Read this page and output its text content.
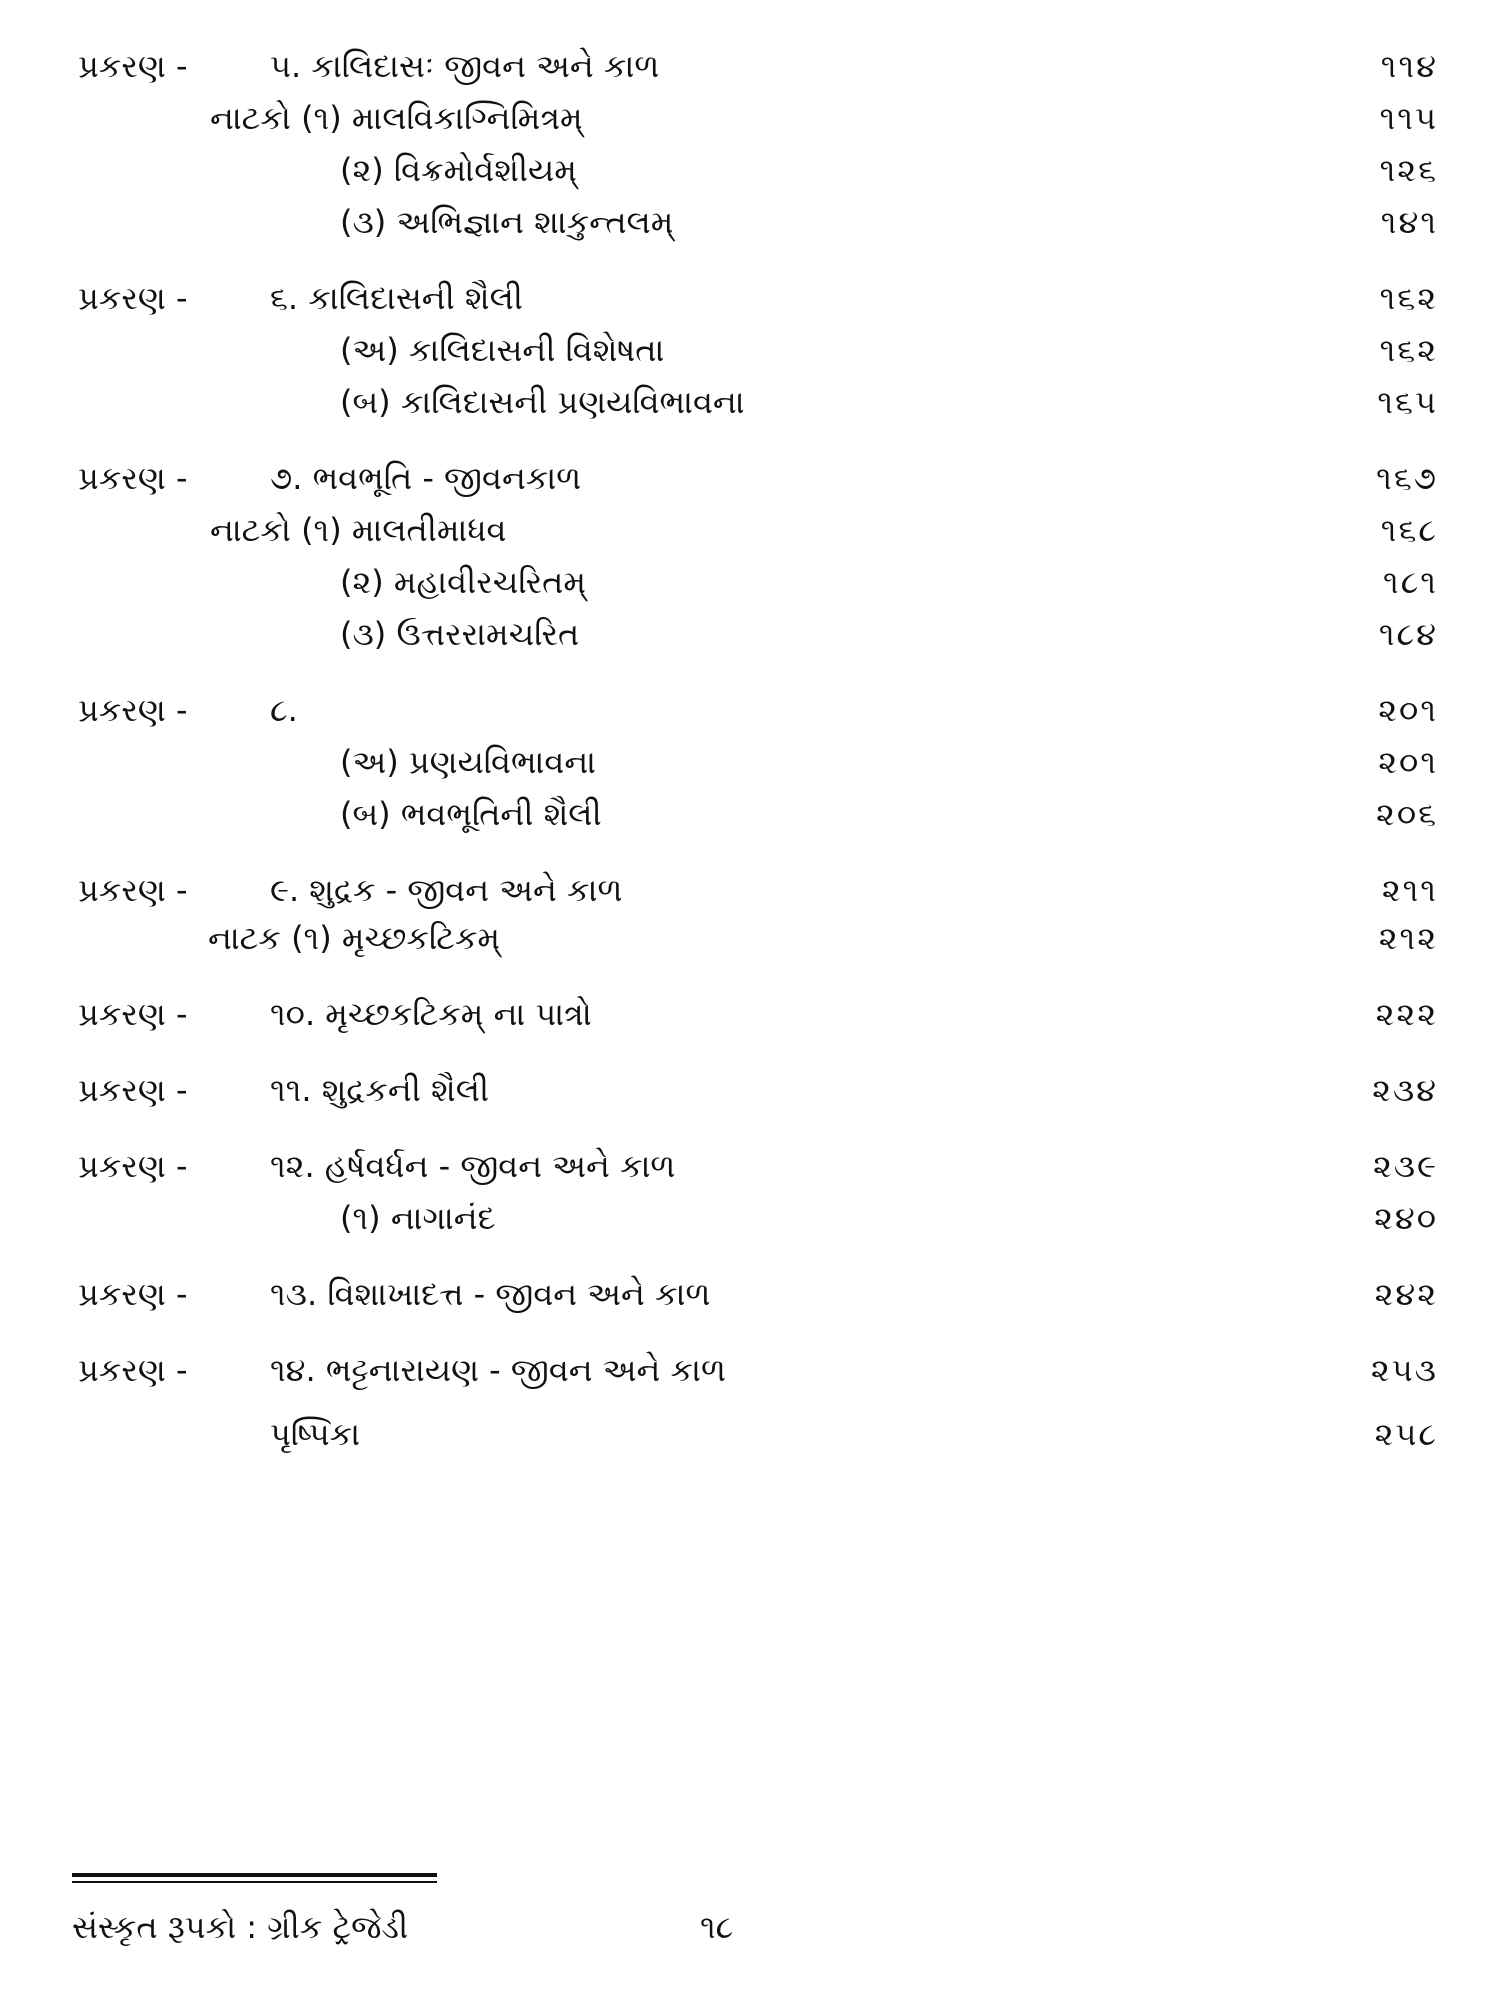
પ્રકરણ -	૫. કાલિદાસઃ જીવન અને કાળ	૧૧૪
નાટકો (૧) માલવિકાગ્નિમિત્રમ્	૧૧૫
(૨) વિક્રમોર્વશીયમ્	૧૨૬
(૩) અભિજ્ઞાન શાકુન્તલમ્	૧૪૧
પ્રકરણ -	૬. કાલિદાસની શૈલી	૧૬૨
(અ) કાલિદાસની વિશેષતા	૧૬૨
(બ) કાલિદાસની પ્રણયવિભાવના	૧૬૫
પ્રકરણ -	૭. ભવભૂતિ - જીવનકાળ	૧૬૭
નાટકો (૧) માલતીમાધવ	૧૬૮
(૨) મહાવીરચરિતમ્	૧૮૧
(૩) ઉત્તરરામચરિત	૧૮૪
પ્રકરણ -	૮.	૨૦૧
(અ) પ્રણયવિભાવના	૨૦૧
(બ) ભવભૂતિની શૈલી	૨૦૬
પ્રકરણ -	૯. શુદ્રક - જીવન અને કાળ	૨૧૧
નાટક (૧) મૃચ્છકટિકમ્	૨૧૨
પ્રકરણ -	૧૦. મૃચ્છકટિકમ્ ના પાત્રો	૨૨૨
પ્રકરણ -	૧૧. શુદ્રકની શૈલી	૨૩૪
પ્રકરણ -	૧૨. હર્ષવર્ધન - જીવન અને કાળ	૨૩૯
(૧) નાગાનંદ	૨૪૦
પ્રકરણ -	૧૩. વિશાખાદત્ત - જીવન અને કાળ	૨૪૨
પ્રકરણ -	૧૪. ભટ્ટનારાયણ - જીવન અને કાળ	૨૫૩
પૃષ્પિકા	૨૫૮
સંસ્કૃત રૂપકો : ગ્રીક ટ્રેજેડી	૧૮
